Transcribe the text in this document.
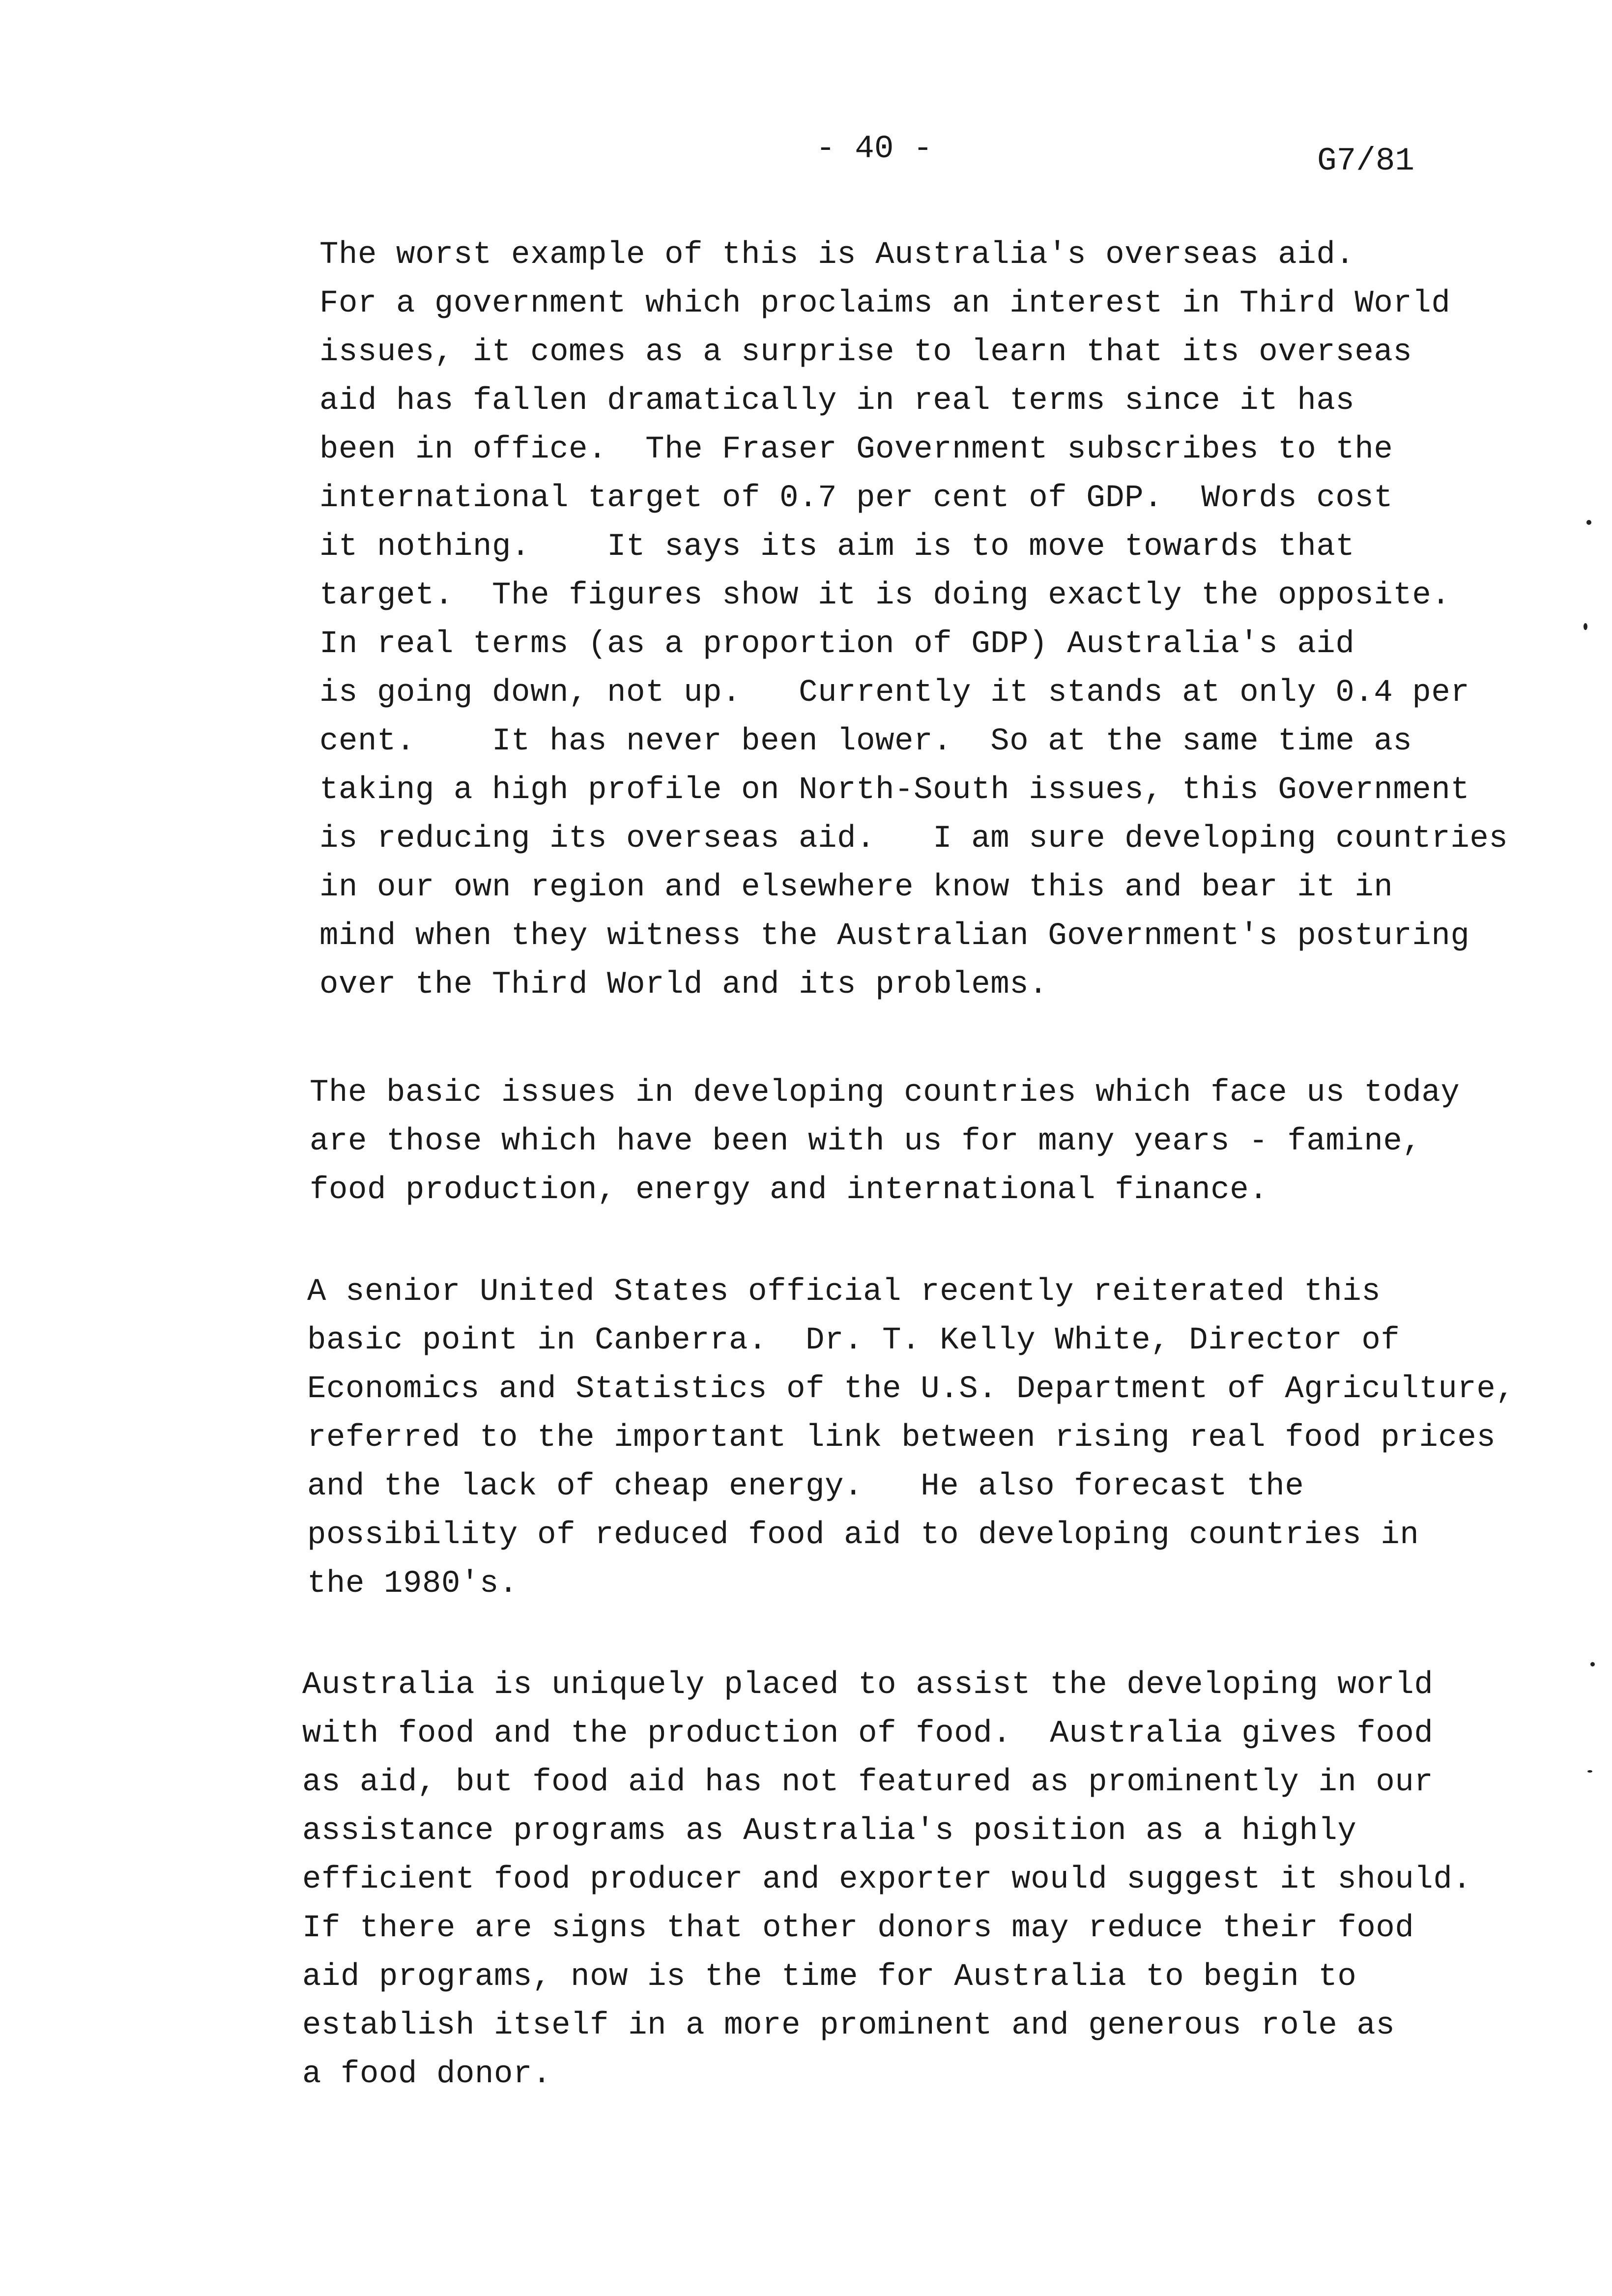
- 40 -	G7/81
The worst example of this is Australia's overseas aid.
For a government which proclaims an interest in Third World
issues, it comes as a surprise to learn that its overseas
aid has fallen dramatically in real terms since it has
been in office.  The Fraser Government subscribes to the
international target of 0.7 per cent of GDP.  Words cost
it nothing.    It says its aim is to move towards that
target.  The figures show it is doing exactly the opposite.
In real terms (as a proportion of GDP) Australia's aid
is going down, not up.   Currently it stands at only 0.4 per
cent.    It has never been lower.  So at the same time as
taking a high profile on North-South issues, this Government
is reducing its overseas aid.   I am sure developing countries
in our own region and elsewhere know this and bear it in
mind when they witness the Australian Government's posturing
over the Third World and its problems.
The basic issues in developing countries which face us today
are those which have been with us for many years - famine,
food production, energy and international finance.
A senior United States official recently reiterated this
basic point in Canberra.  Dr. T. Kelly White, Director of
Economics and Statistics of the U.S. Department of Agriculture,
referred to the important link between rising real food prices
and the lack of cheap energy.   He also forecast the
possibility of reduced food aid to developing countries in
the 1980's.
Australia is uniquely placed to assist the developing world
with food and the production of food.  Australia gives food
as aid, but food aid has not featured as prominently in our
assistance programs as Australia's position as a highly
efficient food producer and exporter would suggest it should.
If there are signs that other donors may reduce their food
aid programs, now is the time for Australia to begin to
establish itself in a more prominent and generous role as
a food donor.
